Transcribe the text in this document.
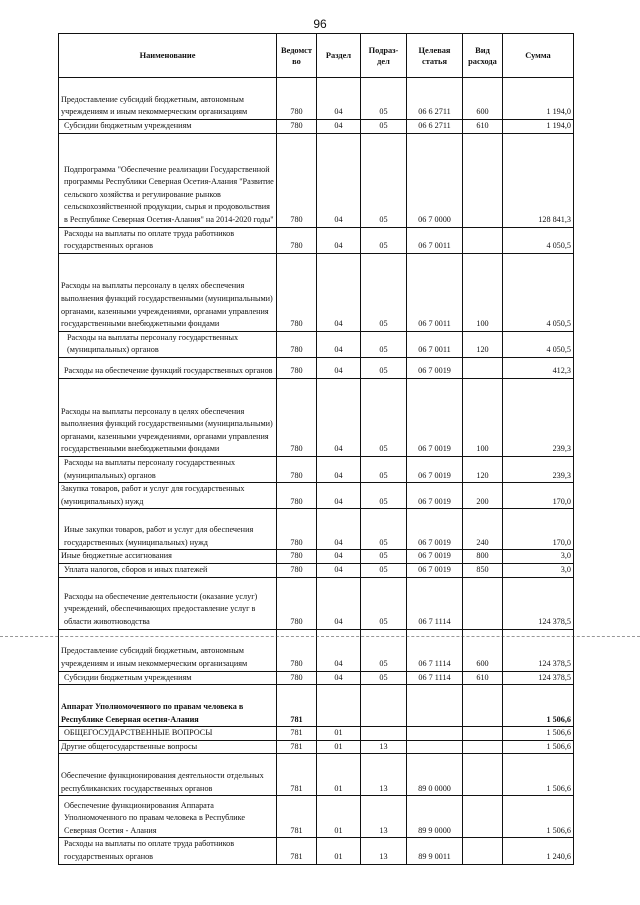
96
Наименование	Ведомст во	Раздел	Подраз-дел	Целевая статья	Вид расхода	Сумма
Предоставление субсидий бюджетным, автономным учреждениям и иным некоммерческим организациям	780	04	05	06 6 2711	600	1 194,0
Субсидии бюджетным учреждениям	780	04	05	06 6 2711	610	1 194,0
Подпрограмма "Обеспечение реализации Государственной программы Республики Северная Осетия-Алания "Развитие сельского хозяйства и регулирование рынков сельскохозяйственной продукции, сырья и продовольствия в Республике Северная Осетия-Алания" на 2014-2020 годы"	780	04	05	06 7 0000		128 841,3
Расходы на выплаты по оплате труда работников государственных органов	780	04	05	06 7 0011		4 050,5
Расходы на выплаты персоналу в целях обеспечения выполнения функций государственными (муниципальными) органами, казенными учреждениями, органами управления государственными внебюджетными фондами	780	04	05	06 7 0011	100	4 050,5
Расходы на выплаты персоналу государственных (муниципальных) органов	780	04	05	06 7 0011	120	4 050,5
Расходы на обеспечение функций государственных органов	780	04	05	06 7 0019		412,3
Расходы на выплаты персоналу в целях обеспечения выполнения функций государственными (муниципальными) органами, казенными учреждениями, органами управления государственными внебюджетными фондами	780	04	05	06 7 0019	100	239,3
Расходы на выплаты персоналу государственных (муниципальных) органов	780	04	05	06 7 0019	120	239,3
Закупка товаров, работ и услуг для государственных (муниципальных) нужд	780	04	05	06 7 0019	200	170,0
Иные закупки товаров, работ и услуг для обеспечения государственных (муниципальных) нужд	780	04	05	06 7 0019	240	170,0
Иные бюджетные ассигнования	780	04	05	06 7 0019	800	3,0
Уплата налогов, сборов и иных платежей	780	04	05	06 7 0019	850	3,0
Расходы на обеспечение деятельности (оказание услуг) учреждений, обеспечивающих предоставление услуг в области животноводства	780	04	05	06 7 1114		124 378,5
Предоставление субсидий бюджетным, автономным учреждениям и иным некоммерческим организациям	780	04	05	06 7 1114	600	124 378,5
Субсидии бюджетным учреждениям	780	04	05	06 7 1114	610	124 378,5
Аппарат Уполномоченного по правам человека в Республике Северная осетия-Алания	781					1 506,6
ОБЩЕГОСУДАРСТВЕННЫЕ ВОПРОСЫ	781	01				1 506,6
Другие общегосударственные вопросы	781	01	13			1 506,6
Обеспечение функционирования деятельности отдельных республиканских государственных органов	781	01	13	89 0 0000		1 506,6
Обеспечение функционирования Аппарата Уполномоченного по правам человека в Республике Северная Осетия - Алания	781	01	13	89 9 0000		1 506,6
Расходы на выплаты по оплате труда работников государственных органов	781	01	13	89 9 0011		1 240,6
